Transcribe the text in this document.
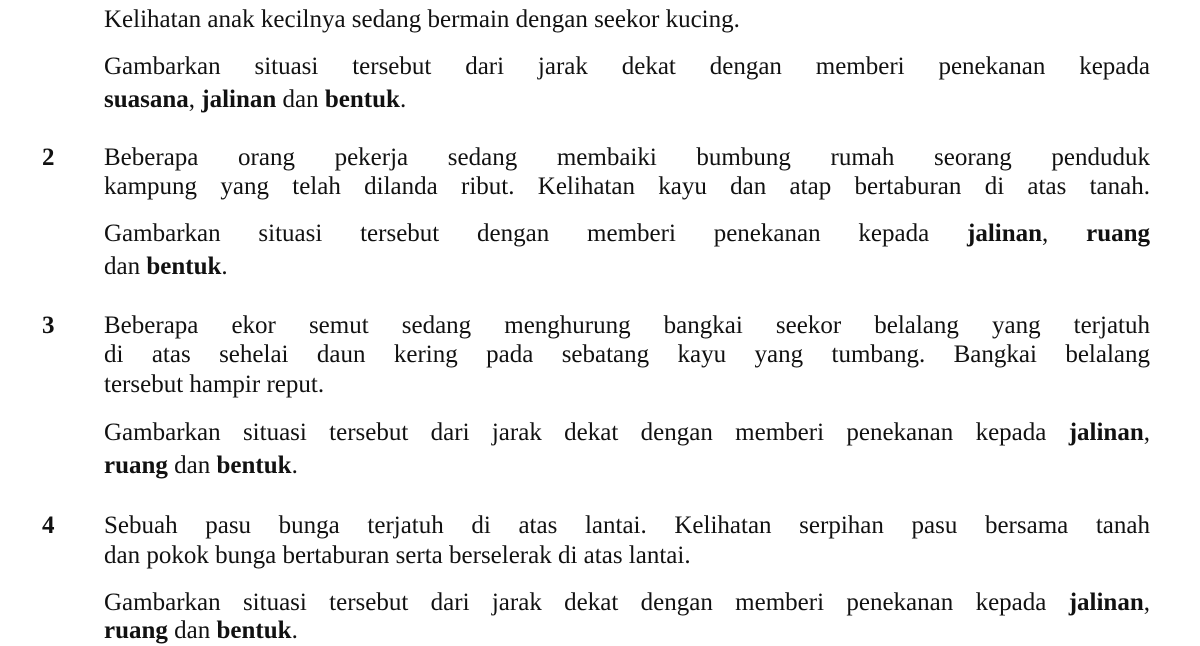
Kelihatan anak kecilnya sedang bermain dengan seekor kucing.
Gambarkan situasi tersebut dari jarak dekat dengan memberi penekanan kepada
suasana, jalinan dan bentuk.
2 Beberapa orang pekerja sedang membaiki bumbung rumah seorang penduduk
kampung yang telah dilanda ribut. Kelihatan kayu dan atap bertaburan di atas tanah.
Gambarkan situasi tersebut dengan memberi penekanan kepada jalinan, ruang
dan bentuk.
3 Beberapa ekor semut sedang menghurung bangkai seekor belalang yang terjatuh
di atas sehelai daun kering pada sebatang kayu yang tumbang. Bangkai belalang
tersebut hampir reput.
Gambarkan situasi tersebut dari jarak dekat dengan memberi penekanan kepada jalinan,
ruang dan bentuk.
4 Sebuah pasu bunga terjatuh di atas lantai. Kelihatan serpihan pasu bersama tanah
dan pokok bunga bertaburan serta berselerak di atas lantai.
Gambarkan situasi tersebut dari jarak dekat dengan memberi penekanan kepada jalinan,
ruang dan bentuk.
